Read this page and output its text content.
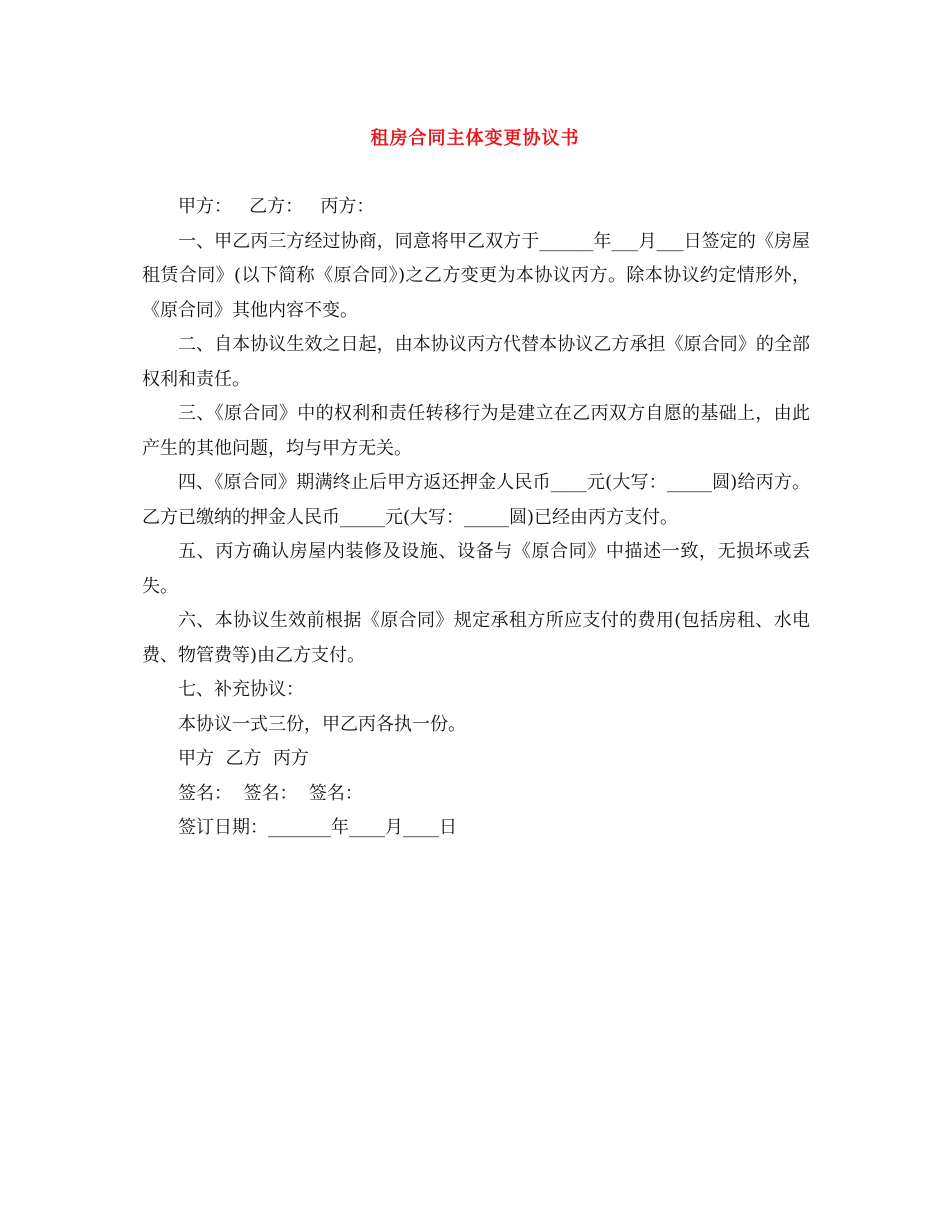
租房合同主体变更协议书

甲方：   乙方：   丙方：

一、甲乙丙三方经过协商，同意将甲乙双方于______年___月___日签定的《房屋租赁合同》(以下简称《原合同》)之乙方变更为本协议丙方。除本协议约定情形外，《原合同》其他内容不变。

二、自本协议生效之日起，由本协议丙方代替本协议乙方承担《原合同》的全部权利和责任。

三、《原合同》中的权利和责任转移行为是建立在乙丙双方自愿的基础上，由此产生的其他问题，均与甲方无关。

四、《原合同》期满终止后甲方返还押金人民币____元(大写：_____圆)给丙方。乙方已缴纳的押金人民币_____元(大写：_____圆)已经由丙方支付。

五、丙方确认房屋内装修及设施、设备与《原合同》中描述一致，无损坏或丢失。

六、本协议生效前根据《原合同》规定承租方所应支付的费用(包括房租、水电费、物管费等)由乙方支付。

七、补充协议：

本协议一式三份，甲乙丙各执一份。

甲方  乙方  丙方

签名：  签名：  签名：

签订日期：_______年____月____日
